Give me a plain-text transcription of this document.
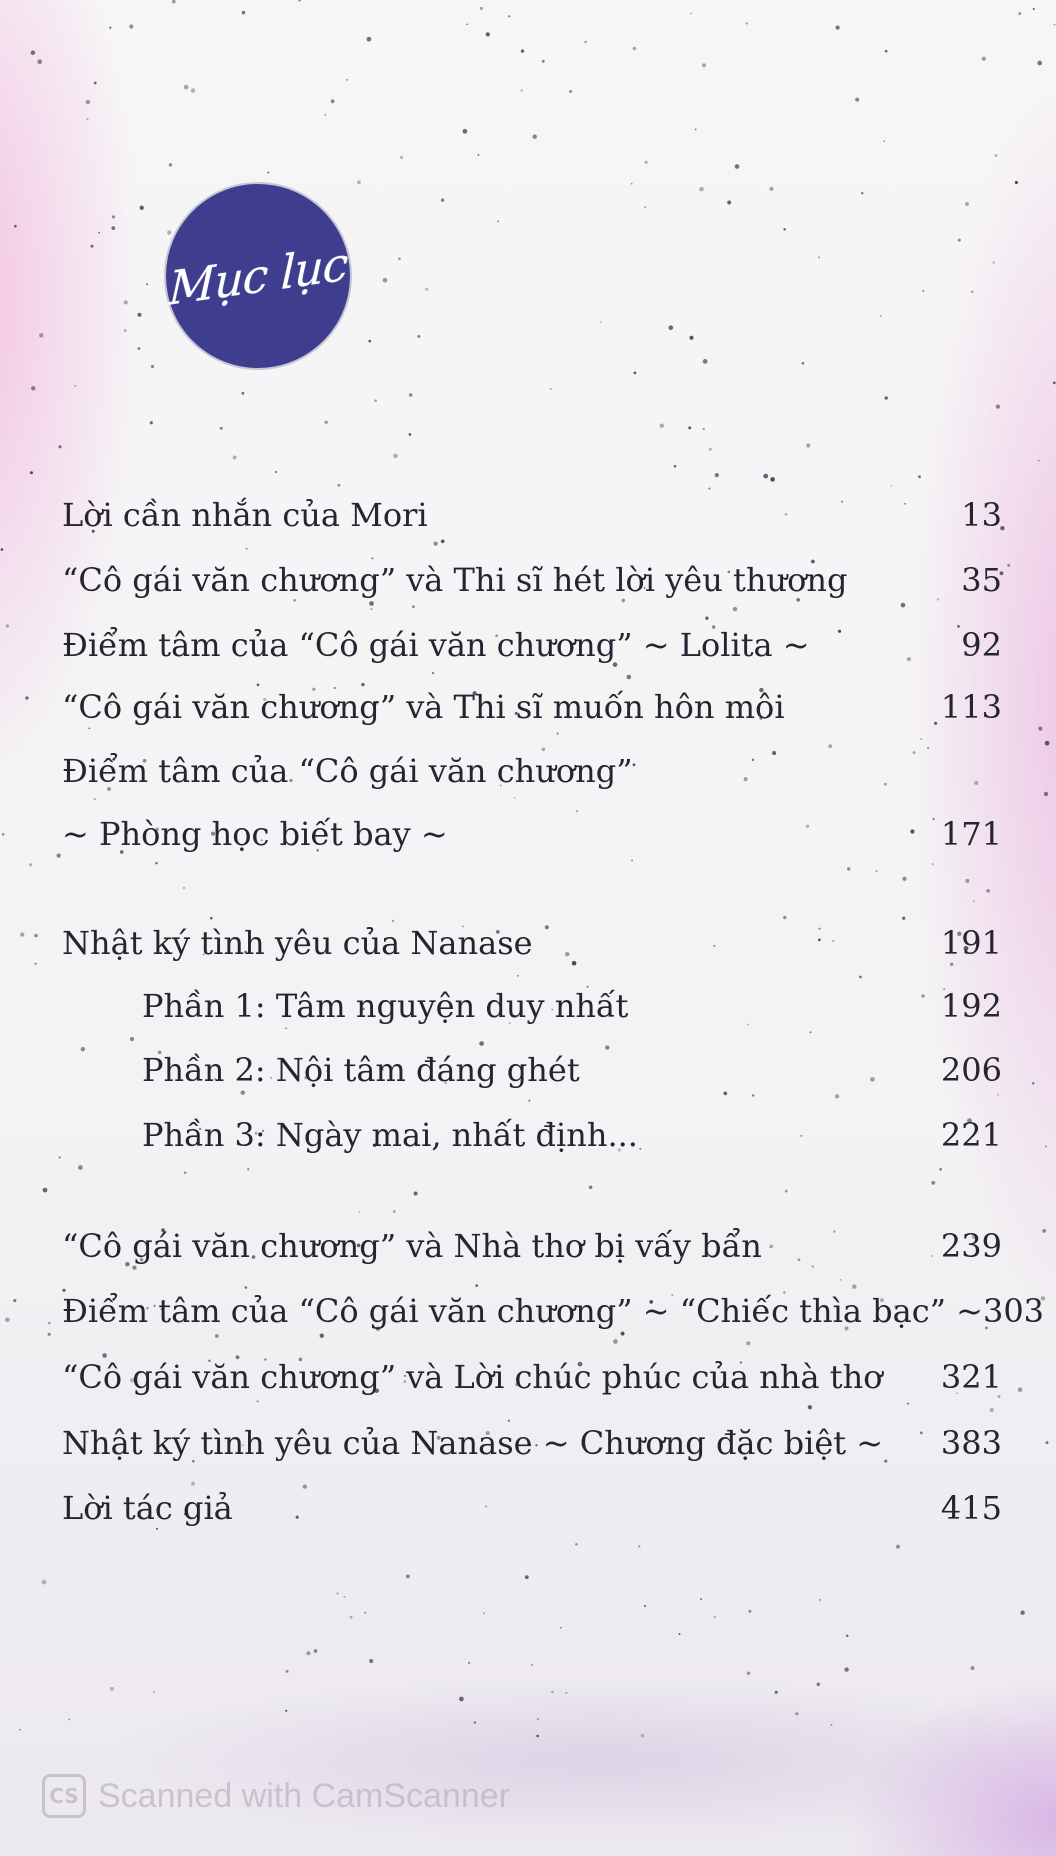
Mục lục
Lời cần nhắn của Mori	13
“Cô gái văn chương” và Thi sĩ hét lời yêu thương	35
Điểm tâm của “Cô gái văn chương” ~ Lolita ~	92
“Cô gái văn chương” và Thi sĩ muốn hôn môi	113
Điểm tâm của “Cô gái văn chương”
~ Phòng học biết bay ~	171
Nhật ký tình yêu của Nanase	191
Phần 1: Tâm nguyện duy nhất	192
Phần 2: Nội tâm đáng ghét	206
Phần 3: Ngày mai, nhất định...	221
“Cô gái văn chương” và Nhà thơ bị vấy bẩn	239
Điểm tâm của “Cô gái văn chương” ~ “Chiếc thìa bạc” ~ 303
“Cô gái văn chương” và Lời chúc phúc của nhà thơ 321
Nhật ký tình yêu của Nanase ~ Chương đặc biệt ~ 383
Lời tác giả	415
CS Scanned with CamScanner
